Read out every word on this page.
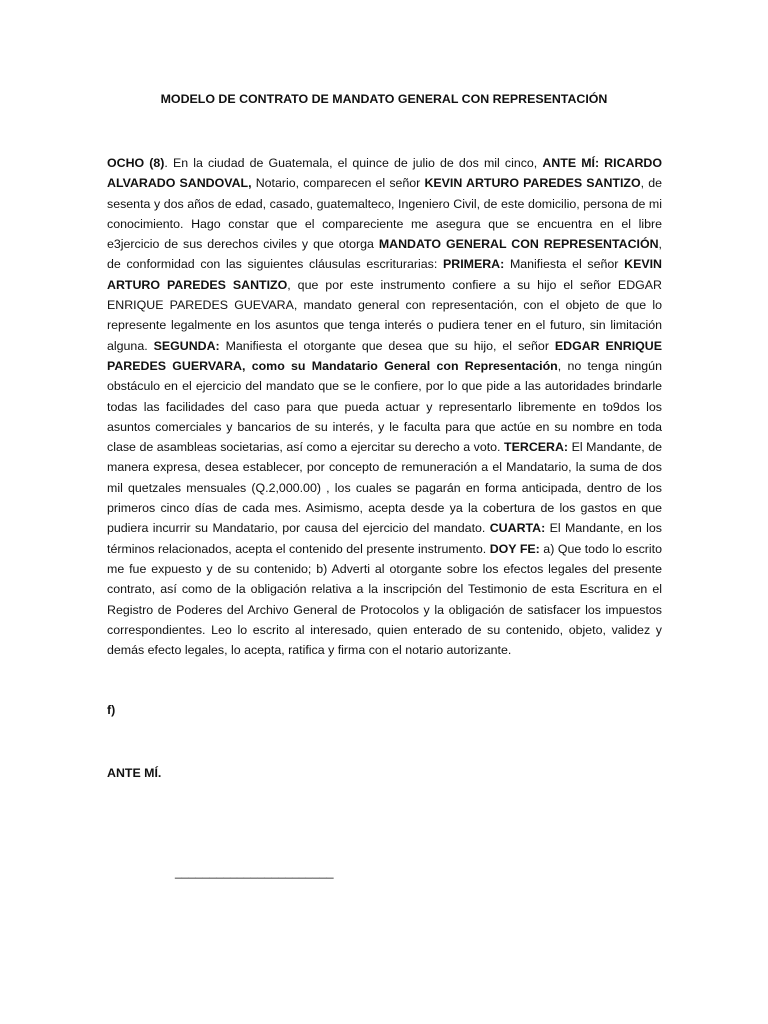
MODELO DE CONTRATO DE MANDATO GENERAL CON REPRESENTACIÓN
OCHO (8). En la ciudad de Guatemala, el quince de julio de dos mil cinco, ANTE MÍ: RICARDO ALVARADO SANDOVAL, Notario, comparecen el señor KEVIN ARTURO PAREDES SANTIZO, de sesenta y dos años de edad, casado, guatemalteco, Ingeniero Civil, de este domicilio, persona de mi conocimiento. Hago constar que el compareciente me asegura que se encuentra en el libre e3jercicio de sus derechos civiles y que otorga MANDATO GENERAL CON REPRESENTACIÓN, de conformidad con las siguientes cláusulas escriturarias: PRIMERA: Manifiesta el señor KEVIN ARTURO PAREDES SANTIZO, que por este instrumento confiere a su hijo el señor EDGAR ENRIQUE PAREDES GUEVARA, mandato general con representación, con el objeto de que lo represente legalmente en los asuntos que tenga interés o pudiera tener en el futuro, sin limitación alguna. SEGUNDA: Manifiesta el otorgante que desea que su hijo, el señor EDGAR ENRIQUE PAREDES GUERVARA, como su Mandatario General con Representación, no tenga ningún obstáculo en el ejercicio del mandato que se le confiere, por lo que pide a las autoridades brindarle todas las facilidades del caso para que pueda actuar y representarlo libremente en to9dos los asuntos comerciales y bancarios de su interés, y le faculta para que actúe en su nombre en toda clase de asambleas societarias, así como a ejercitar su derecho a voto. TERCERA: El Mandante, de manera expresa, desea establecer, por concepto de remuneración a el Mandatario, la suma de dos mil quetzales mensuales (Q.2,000.00) , los cuales se pagarán en forma anticipada, dentro de los primeros cinco días de cada mes. Asimismo, acepta desde ya la cobertura de los gastos en que pudiera incurrir su Mandatario, por causa del ejercicio del mandato. CUARTA: El Mandante, en los términos relacionados, acepta el contenido del presente instrumento. DOY FE: a) Que todo lo escrito me fue expuesto y de su contenido; b) Adverti al otorgante sobre los efectos legales del presente contrato, así como de la obligación relativa a la inscripción del Testimonio de esta Escritura en el Registro de Poderes del Archivo General de Protocolos y la obligación de satisfacer los impuestos correspondientes. Leo lo escrito al interesado, quien enterado de su contenido, objeto, validez y demás efecto legales, lo acepta, ratifica y firma con el notario autorizante.
f)
ANTE MÍ.
_______________________
